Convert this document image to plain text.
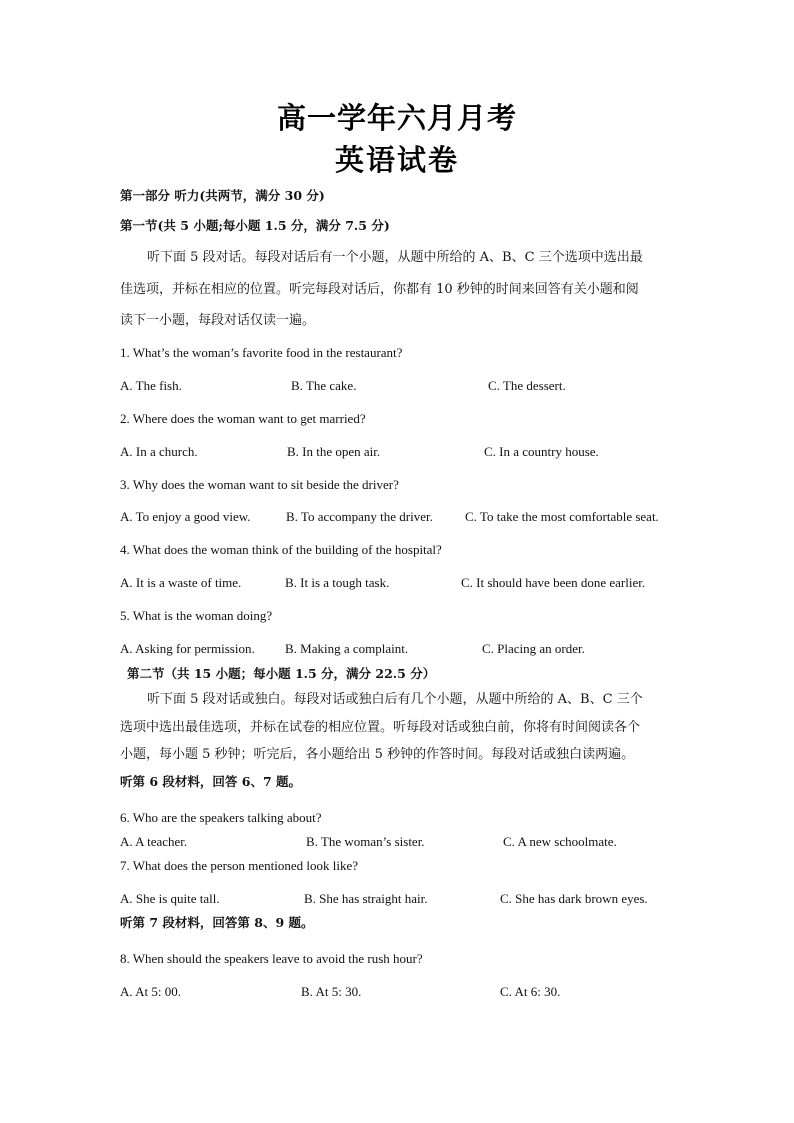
高一学年六月月考
英语试卷
第一部分 听力(共两节，满分 30 分)
第一节(共 5 小题;每小题 1.5 分，满分 7.5 分)
听下面 5 段对话。每段对话后有一个小题，从题中所给的 A、B、C 三个选项中选出最
佳选项，并标在相应的位置。听完每段对话后，你都有 10 秒钟的时间来回答有关小题和阅
读下一小题，每段对话仅读一遍。
1. What’s the woman’s favorite food in the restaurant?
A. The fish.	B. The cake.	C. The dessert.
2. Where does the woman want to get married?
A. In a church.	B. In the open air.	C. In a country house.
3. Why does the woman want to sit beside the driver?
A. To enjoy a good view.	B. To accompany the driver. C. To take the most comfortable seat.
4. What does the woman think of the building of the hospital?
A. It is a waste of time.	B. It is a tough task.	C. It should have been done earlier.
5. What is the woman doing?
A. Asking for permission. B. Making a complaint.	C. Placing an order.
第二节（共 15 小题；每小题 1.5 分，满分 22.5 分）
听下面 5 段对话或独白。每段对话或独白后有几个小题，从题中所给的 A、B、C 三个
选项中选出最佳选项，并标在试卷的相应位置。听每段对话或独白前，你将有时间阅读各个
小题，每小题 5 秒钟；听完后，各小题给出 5 秒钟的作答时间。每段对话或独白读两遍。
听第 6 段材料，回答 6、7 题。
6. Who are the speakers talking about?
A. A teacher.	B. The woman’s sister.	C. A new schoolmate.
7. What does the person mentioned look like?
A. She is quite tall.	B. She has straight hair.	C. She has dark brown eyes.
听第 7 段材料，回答第 8、9 题。
8. When should the speakers leave to avoid the rush hour?
A. At 5: 00.	B. At 5: 30.	C. At 6: 30.
